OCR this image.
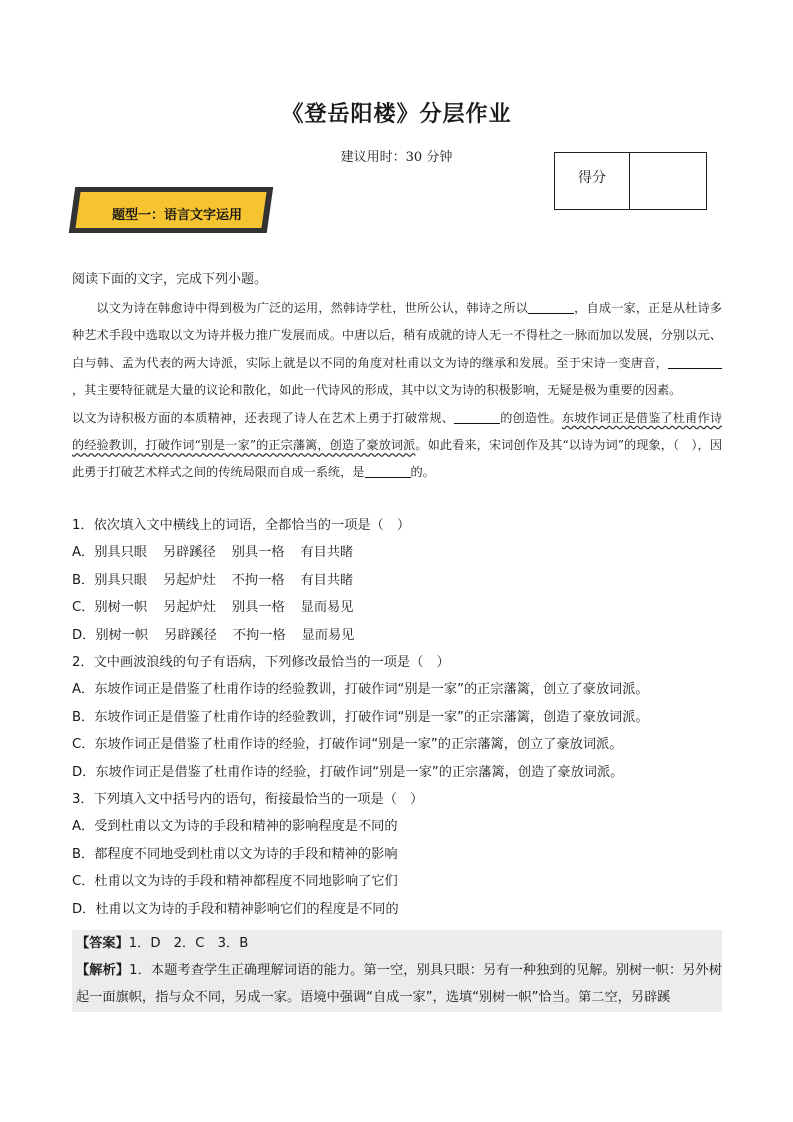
《登岳阳楼》分层作业
建议用时：30 分钟
得分
题型一：语言文字运用
阅读下面的文字，完成下列小题。

以文为诗在韩愈诗中得到极为广泛的运用，然韩诗学杜，世所公认，韩诗之所以	，自成一家，正是从杜诗多种艺术手段中选取以文为诗并极力推广发展而成。中唐以后，稍有成就的诗人无一不得杜之一脉而加以发展，分别以元、白与韩、孟为代表的两大诗派，实际上就是以不同的角度对杜甫以文为诗的继承和发展。至于宋诗一变唐音，，其主要特征就是大量的议论和散化，如此一代诗风的形成，其中以文为诗的积极影响，无疑是极为重要的因素。

以文为诗积极方面的本质精神，还表现了诗人在艺术上勇于打破常规、	的创造性。东坡作词正是借鉴了杜甫作诗的经验教训，打破作词“别是一家”的正宗藩篱，创造了豪放词派。如此看来，宋词创作及其“以诗为词”的现象，（　），因此勇于打破艺术样式之间的传统局限而自成一系统，是	的。

1．依次填入文中横线上的词语，全都恰当的一项是（　）
A．别具只眼 另辟蹊径 别具一格 有目共睹
B．别具只眼 另起炉灶 不拘一格 有目共睹
C．别树一帜 另起炉灶 别具一格 显而易见
D．别树一帜 另辟蹊径 不拘一格 显而易见
2．文中画波浪线的句子有语病，下列修改最恰当的一项是（　）
A．东坡作词正是借鉴了杜甫作诗的经验教训，打破作词“别是一家”的正宗藩篱，创立了豪放词派。
B．东坡作词正是借鉴了杜甫作诗的经验教训，打破作词“别是一家”的正宗藩篱，创造了豪放词派。
C．东坡作词正是借鉴了杜甫作诗的经验，打破作词“别是一家”的正宗藩篱，创立了豪放词派。
D．东坡作词正是借鉴了杜甫作诗的经验，打破作词“别是一家”的正宗藩篱，创造了豪放词派。
3．下列填入文中括号内的语句，衔接最恰当的一项是（　）
A．受到杜甫以文为诗的手段和精神的影响程度是不同的
B．都程度不同地受到杜甫以文为诗的手段和精神的影响
C．杜甫以文为诗的手段和精神都程度不同地影响了它们
D．杜甫以文为诗的手段和精神影响它们的程度是不同的
【答案】1．D　2．C　3．B
【解析】1．本题考查学生正确理解词语的能力。第一空，别具只眼：另有一种独到的见解。别树一帜：另外树起一面旗帜，指与众不同，另成一家。语境中强调“自成一家”，选填“别树一帜”恰当。第二空，另辟蹊
